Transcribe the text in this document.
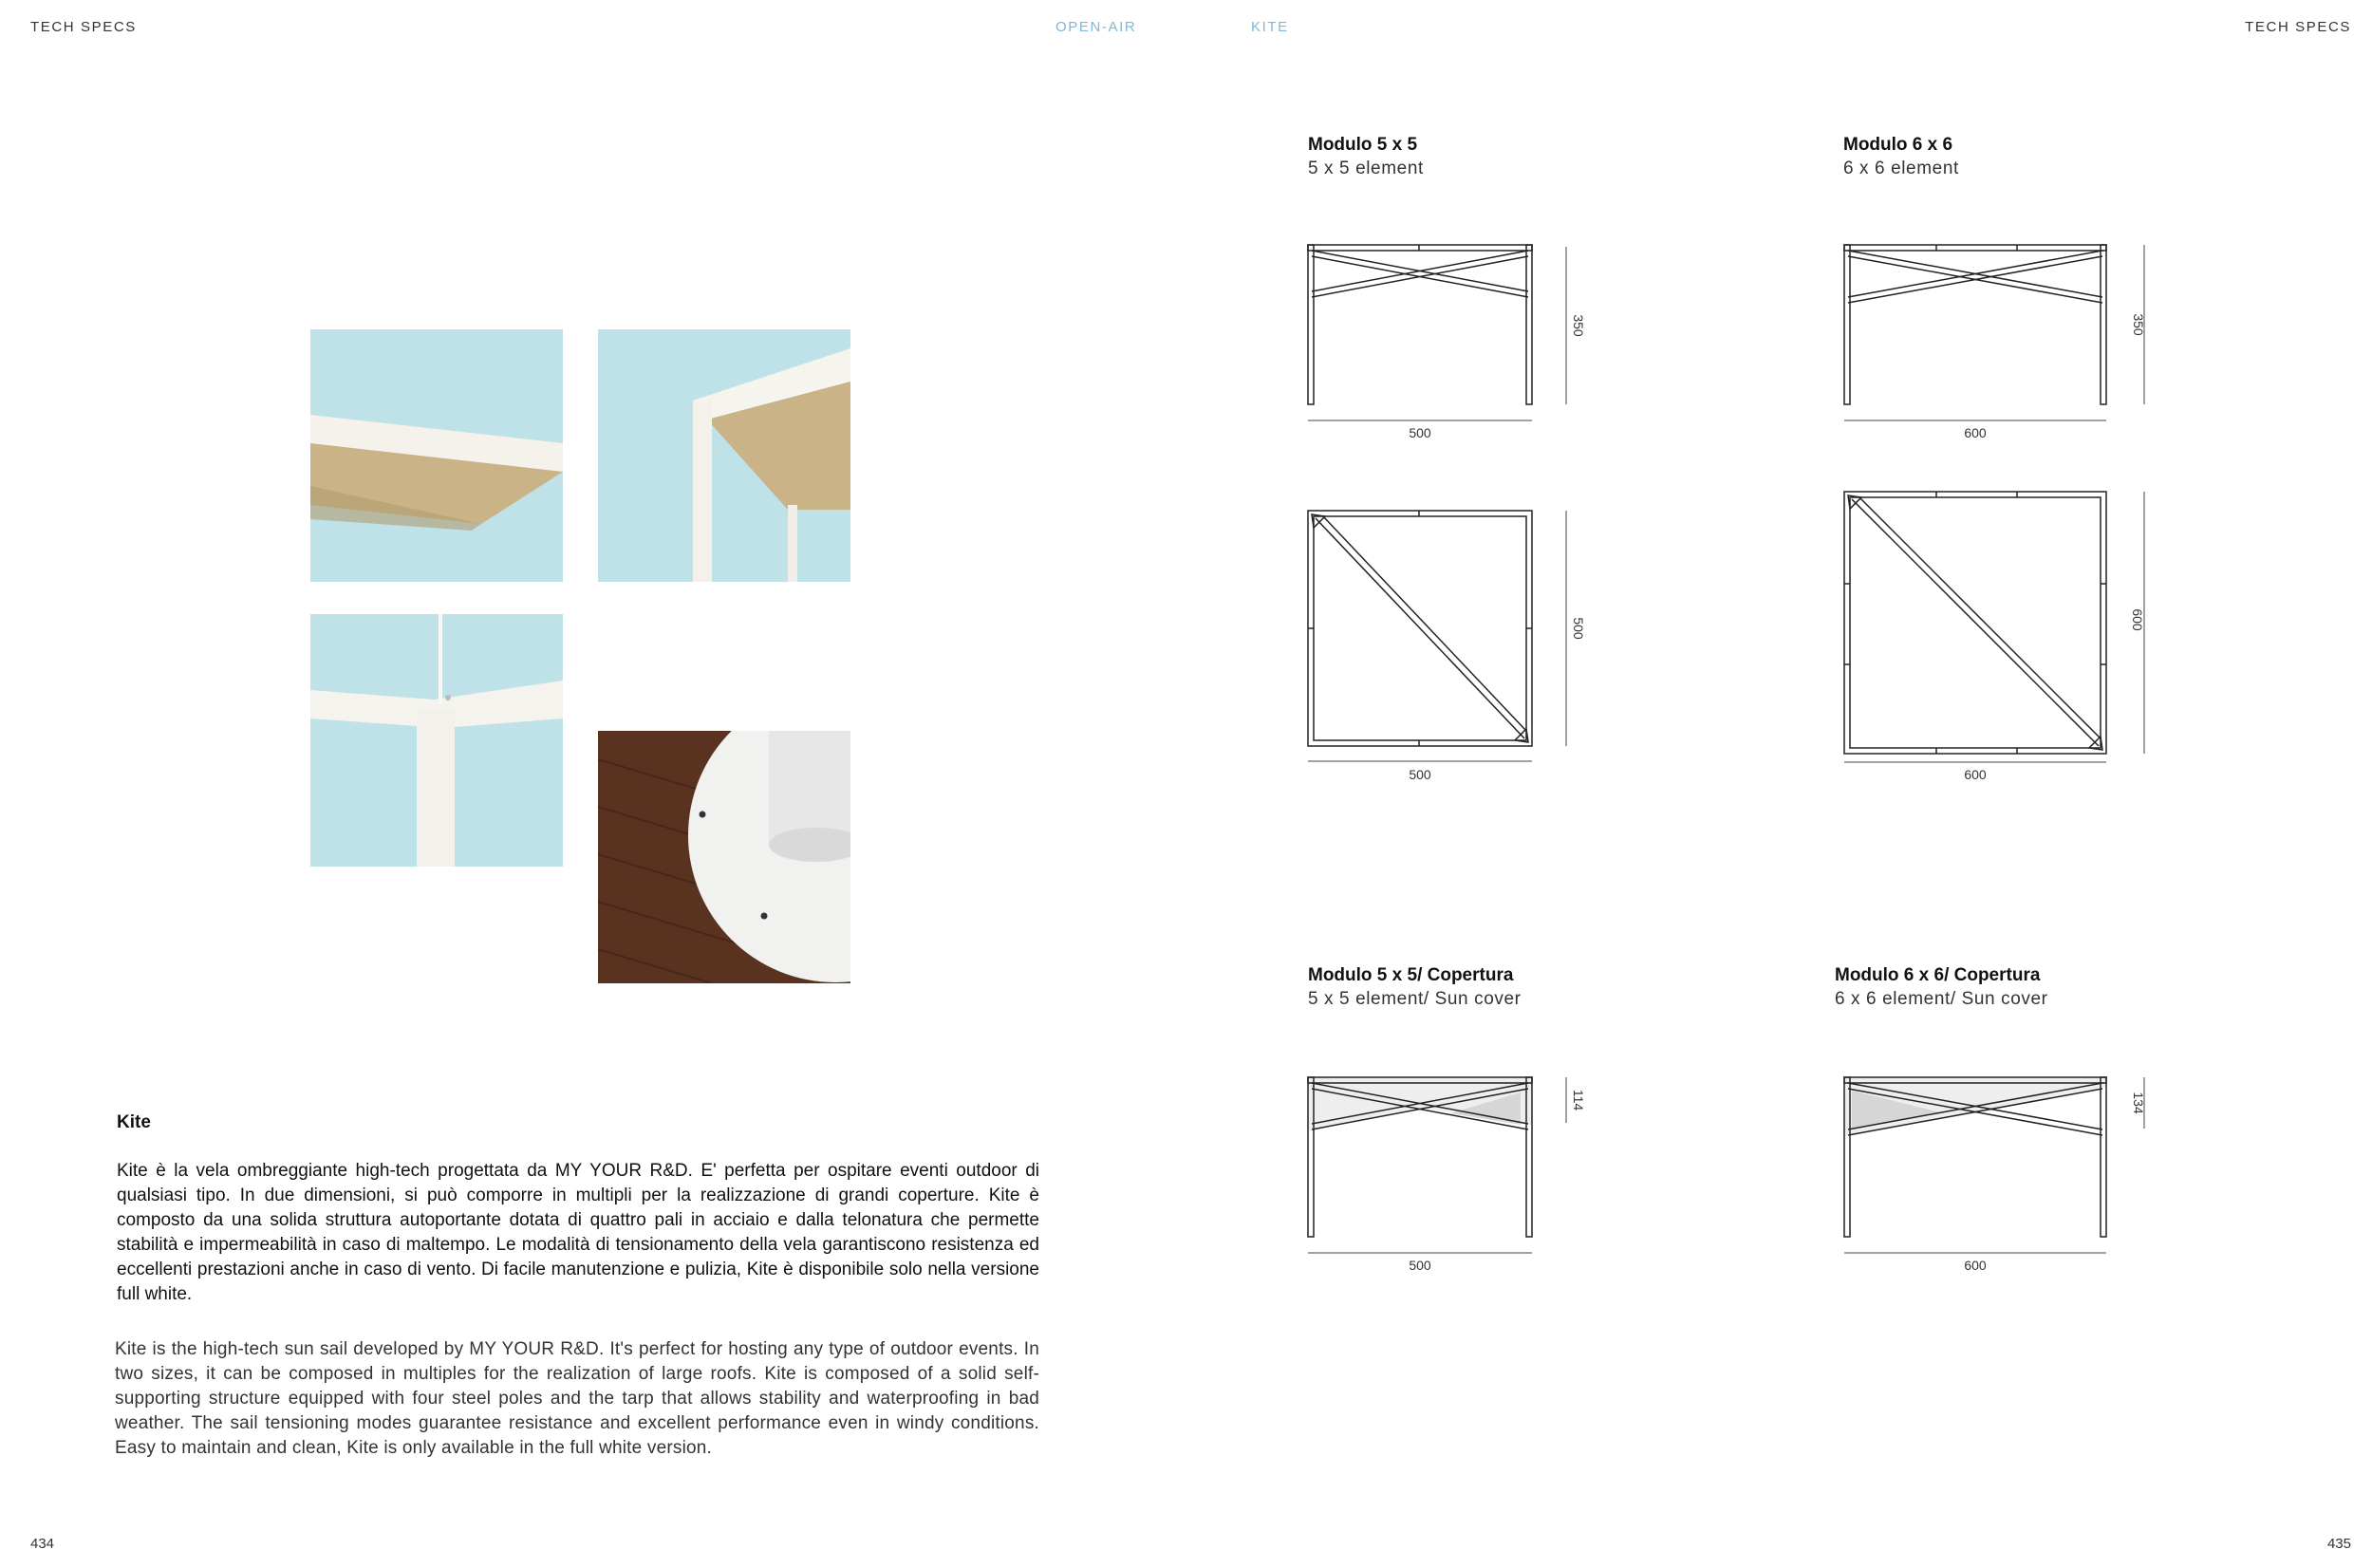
TECH SPECS	OPEN-AIR	KITE	TECH SPECS
Modulo 5 x 5
5 x 5 element
Modulo 6 x 6
6 x 6 element
Modulo 5 x 5/ Copertura
5 x 5 element/ Sun cover
Modulo 6 x 6/ Copertura
6 x 6 element/ Sun cover
500
350
600
350
500
500
600
600
500
114
600
134
Kite

Kite è la vela ombreggiante high-tech progettata da MY YOUR R&D. E' perfetta per ospitare eventi outdoor di qualsiasi tipo. In due dimensioni, si può comporre in multipli per la realizzazione di grandi coperture. Kite è composto da una solida struttura autoportante dotata di quattro pali in acciaio e dalla telonatura che permette stabilità e impermeabilità in caso di maltempo. Le modalità di tensionamento della vela garantiscono resistenza ed eccellenti prestazioni anche in caso di vento. Di facile manutenzione e pulizia, Kite è disponibile solo nella versione full white.

Kite is the high-tech sun sail developed by MY YOUR R&D. It's perfect for hosting any type of outdoor events. In two sizes, it can be composed in multiples for the realization of large roofs. Kite is composed of a solid self-supporting structure equipped with four steel poles and the tarp that allows stability and waterproofing in bad weather. The sail tensioning modes guarantee resistance and excellent performance even in windy conditions. Easy to maintain and clean, Kite is only available in the full white version.

434	435
